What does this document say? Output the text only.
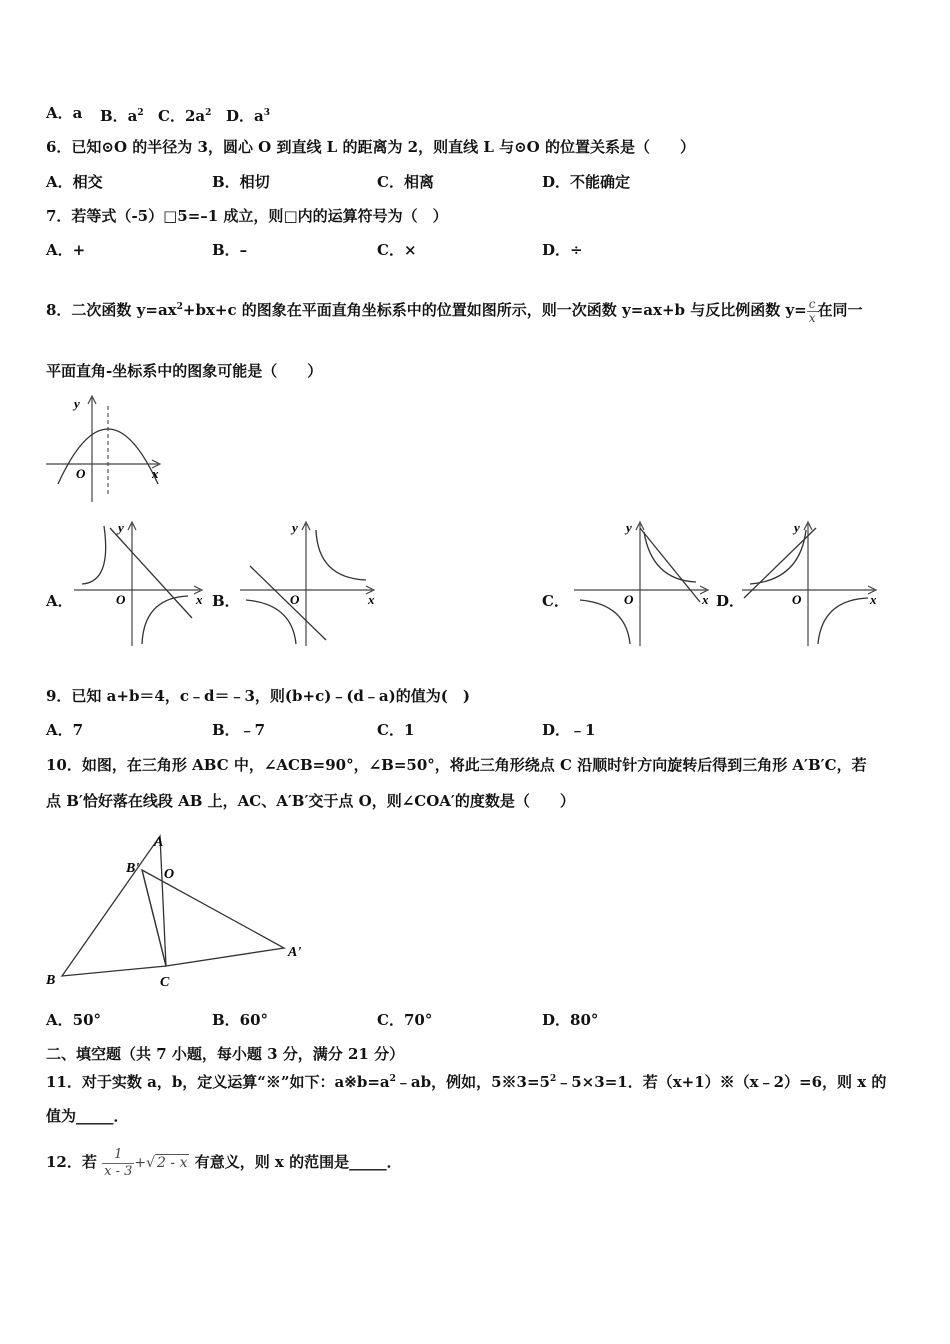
A．a B．$a^2$ C．$2a^2$ D．$a^3$
6．已知⊙O 的半径为 3，圆心 O 到直线 L 的距离为 2，则直线 L 与⊙O 的位置关系是（　　）
A．相交	B．相切	C．相离	D．不能确定
7．若等式（-5）□5=–1 成立，则□内的运算符号为（　）
A．+	B．–	C．×	D．÷
8．二次函数 $y=ax^2+bx+c$ 的图象在平面直角坐标系中的位置如图所示，则一次函数 y=ax+b 与反比例函数 $y= \frac{c}{x}$ 在同一
平面直角-坐标系中的图象可能是（　　）
y
x
O
A．
y
x
O	B．
y
x
O	C．
y
x
O	D．
y
x
O
9．已知 a+b＝4，c﹣d＝﹣3，则(b+c)﹣(d﹣a)的值为(　)
A．7	B．﹣7	C．1	D．﹣1
10．如图，在三角形 ABC 中，∠ACB=90°，∠B=50°，将此三角形绕点 C 沿顺时针方向旋转后得到三角形 A′B′C，若
点 B′恰好落在线段 AB 上，AC、A′B′交于点 O，则∠COA′的度数是（　　）
A
B	C
B' O
A'
A．50°	B．60°	C．70°	D．80°
二、填空题（共 7 小题，每小题 3 分，满分 21 分）
11．对于实数 a，b，定义运算“※”如下：$a※b=a^2﹣ab$，例如，$5※3=5^2﹣5\times 3=1$．若（x+1）※（x﹣2）=6，则 x 的
值为_____．
12．若 $\frac{1}{x - 3}$ +√ 2 - x 有意义，则 x 的范围是_____．
